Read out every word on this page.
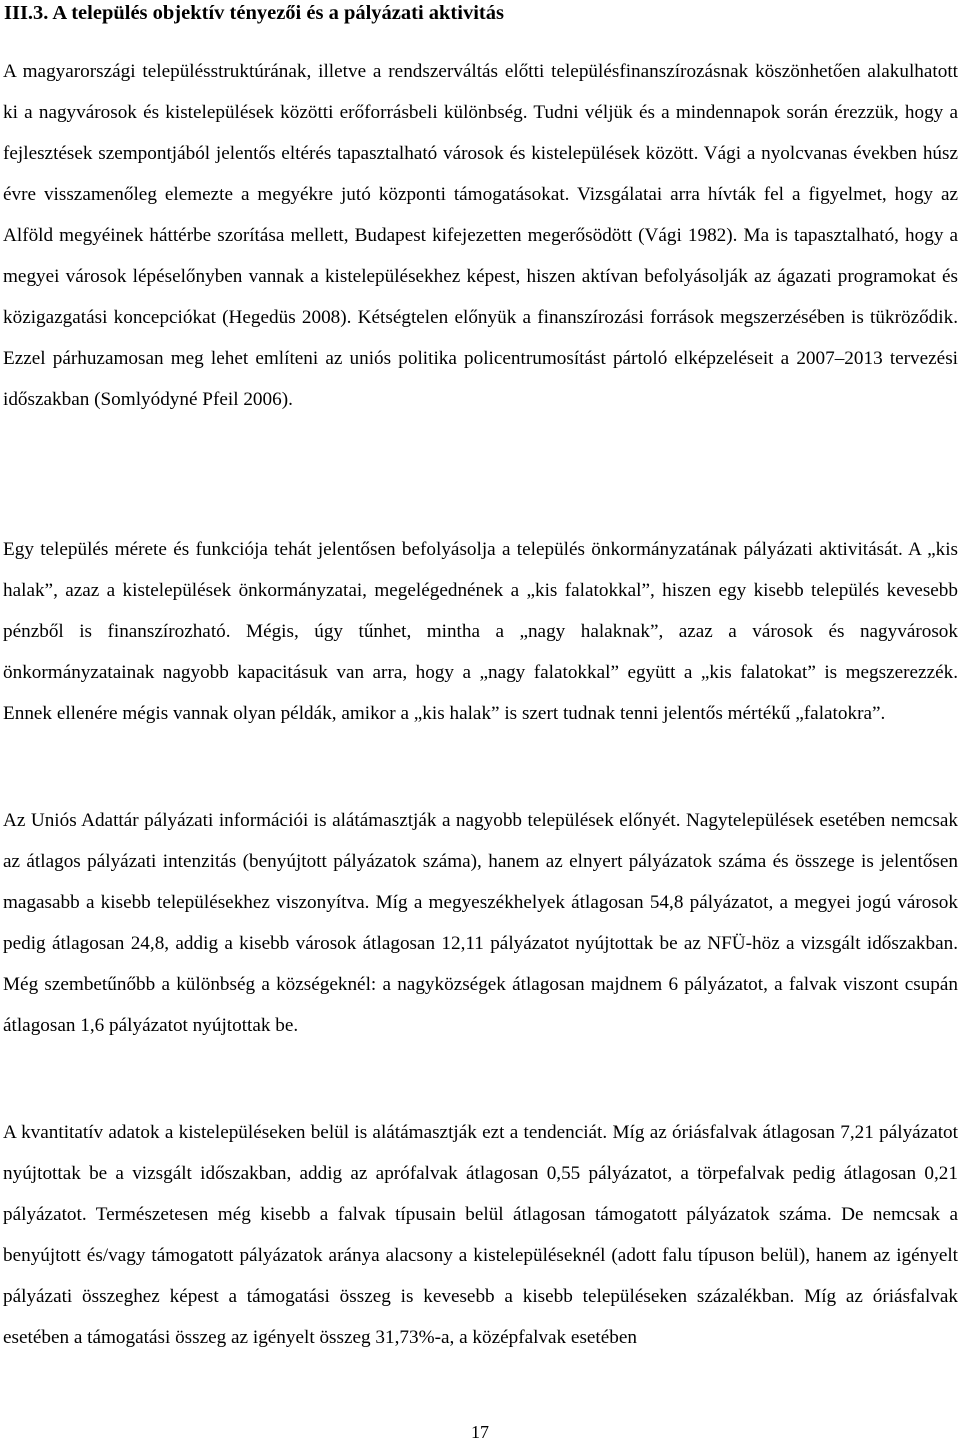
III.3. A település objektív tényezői és a pályázati aktivitás

A magyarországi településstruktúrának, illetve a rendszerváltás előtti településfinanszírozásnak köszönhetően alakulhatott ki a nagyvárosok és kistelepülések közötti erőforrásbeli különbség. Tudni véljük és a mindennapok során érezzük, hogy a fejlesztések szempontjából jelentős eltérés tapasztalható városok és kistelepülések között. Vági a nyolcvanas években húsz évre visszamenőleg elemezte a megyékre jutó központi támogatásokat. Vizsgálatai arra hívták fel a figyelmet, hogy az Alföld megyéinek háttérbe szorítása mellett, Budapest kifejezetten megerősödött (Vági 1982). Ma is tapasztalható, hogy a megyei városok lépéselőnyben vannak a kistelepülésekhez képest, hiszen aktívan befolyásolják az ágazati programokat és közigazgatási koncepciókat (Hegedüs 2008). Kétségtelen előnyük a finanszírozási források megszerzésében is tükröződik. Ezzel párhuzamosan meg lehet említeni az uniós politika policentrumosítást pártoló elképzeléseit a 2007–2013 tervezési időszakban (Somlyódyné Pfeil 2006).

Egy település mérete és funkciója tehát jelentősen befolyásolja a település önkormányzatának pályázati aktivitását. A „kis halak”, azaz a kistelepülések önkormányzatai, megelégednének a „kis falatokkal”, hiszen egy kisebb település kevesebb pénzből is finanszírozható. Mégis, úgy tűnhet, mintha a „nagy halaknak”, azaz a városok és nagyvárosok önkormányzatainak nagyobb kapacitásuk van arra, hogy a „nagy falatokkal” együtt a „kis falatokat” is megszerezzék. Ennek ellenére mégis vannak olyan példák, amikor a „kis halak” is szert tudnak tenni jelentős mértékű „falatokra”.

Az Uniós Adattár pályázati információi is alátámasztják a nagyobb települések előnyét. Nagytelepülések esetében nemcsak az átlagos pályázati intenzitás (benyújtott pályázatok száma), hanem az elnyert pályázatok száma és összege is jelentősen magasabb a kisebb településekhez viszonyítva. Míg a megyeszékhelyek átlagosan 54,8 pályázatot, a megyei jogú városok pedig átlagosan 24,8, addig a kisebb városok átlagosan 12,11 pályázatot nyújtottak be az NFÜ-höz a vizsgált időszakban. Még szembetűnőbb a különbség a községeknél: a nagyközségek átlagosan majdnem 6 pályázatot, a falvak viszont csupán átlagosan 1,6 pályázatot nyújtottak be.

A kvantitatív adatok a kistelepüléseken belül is alátámasztják ezt a tendenciát. Míg az óriásfalvak átlagosan 7,21 pályázatot nyújtottak be a vizsgált időszakban, addig az aprófalvak átlagosan 0,55 pályázatot, a törpefalvak pedig átlagosan 0,21 pályázatot. Természetesen még kisebb a falvak típusain belül átlagosan támogatott pályázatok száma. De nemcsak a benyújtott és/vagy támogatott pályázatok aránya alacsony a kistelepüléseknél (adott falu típuson belül), hanem az igényelt pályázati összeghez képest a támogatási összeg is kevesebb a kisebb településeken százalékban. Míg az óriásfalvak esetében a támogatási összeg az igényelt összeg 31,73%-a, a középfalvak esetében

17
